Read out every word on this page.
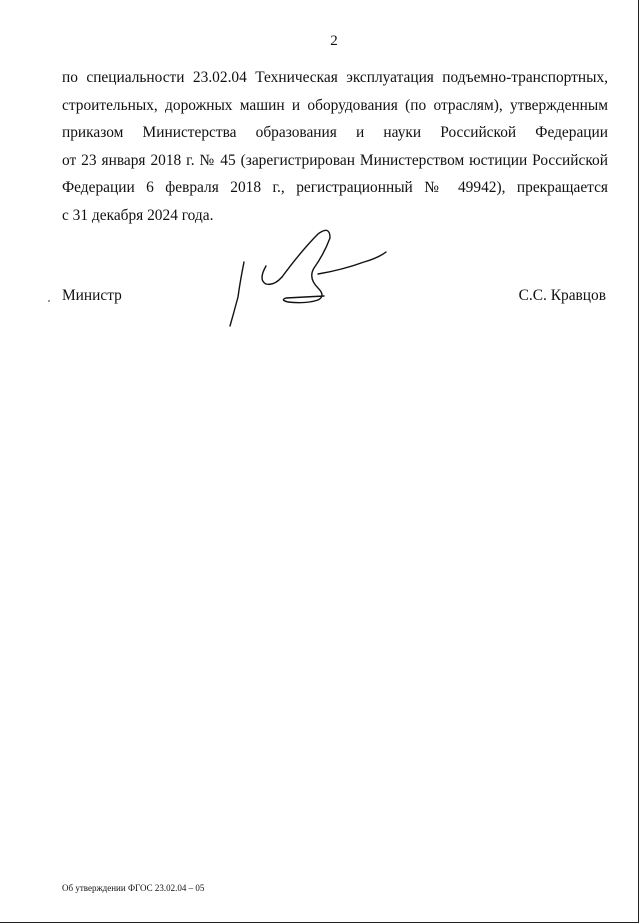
2
по специальности 23.02.04 Техническая эксплуатация подъемно-транспортных,
строительных, дорожных машин и оборудования (по отраслям), утвержденным
приказом Министерства образования и науки Российской Федерации
от 23 января 2018 г. № 45 (зарегистрирован Министерством юстиции Российской
Федерации 6 февраля 2018 г., регистрационный № 49942), прекращается
с 31 декабря 2024 года.
Министр	С.С. Кравцов
Об утверждении ФГОС 23.02.04 – 05
